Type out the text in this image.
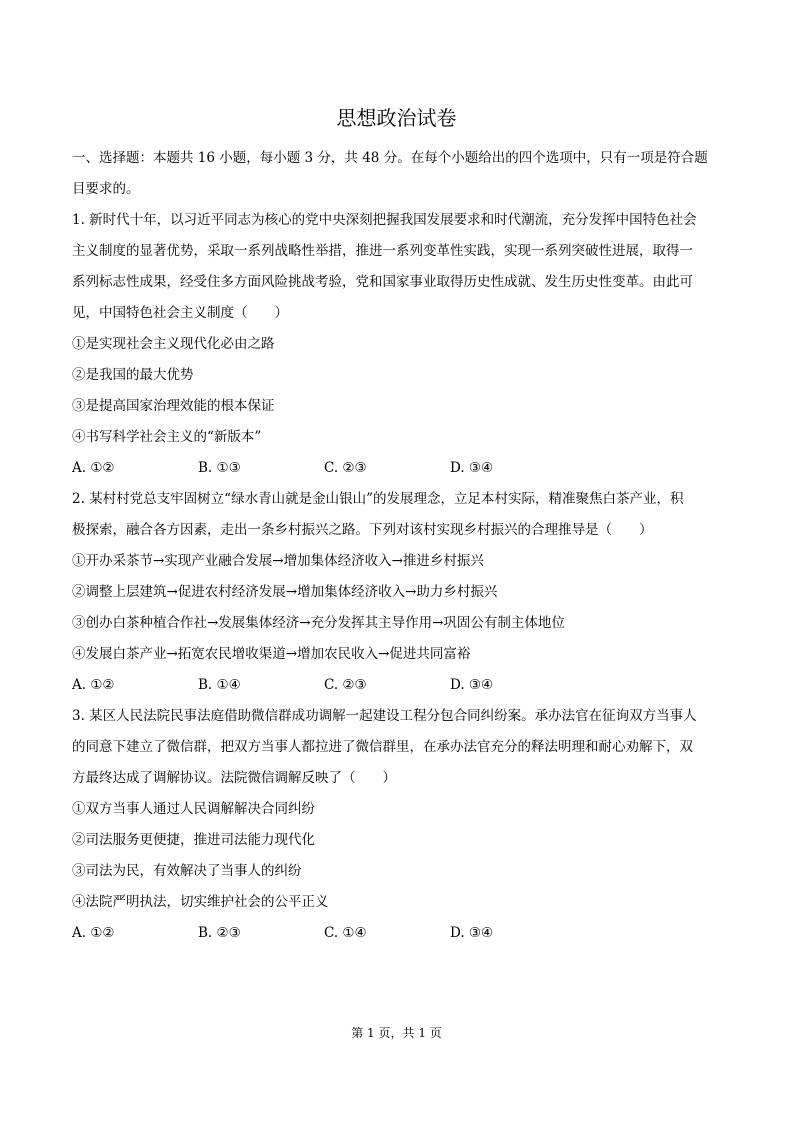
思想政治试卷

一、选择题：本题共 16 小题，每小题 3 分，共 48 分。在每个小题给出的四个选项中，只有一项是符合题

目要求的。

1. 新时代十年，以习近平同志为核心的党中央深刻把握我国发展要求和时代潮流，充分发挥中国特色社会

主义制度的显著优势，采取一系列战略性举措，推进一系列变革性实践，实现一系列突破性进展，取得一

系列标志性成果，经受住多方面风险挑战考验，党和国家事业取得历史性成就、发生历史性变革。由此可

见，中国特色社会主义制度（　　）

①是实现社会主义现代化必由之路

②是我国的最大优势

③是提高国家治理效能的根本保证

④书写科学社会主义的“新版本”

A. ①②	B. ①③	C. ②③	D. ③④

2. 某村村党总支牢固树立“绿水青山就是金山银山”的发展理念，立足本村实际，精准聚焦白茶产业，积

极探索，融合各方因素，走出一条乡村振兴之路。下列对该村实现乡村振兴的合理推导是（　　）

①开办采茶节→实现产业融合发展→增加集体经济收入→推进乡村振兴

②调整上层建筑→促进农村经济发展→增加集体经济收入→助力乡村振兴

③创办白茶种植合作社→发展集体经济→充分发挥其主导作用→巩固公有制主体地位

④发展白茶产业→拓宽农民增收渠道→增加农民收入→促进共同富裕

A. ①②	B. ①④	C. ②③	D. ③④

3. 某区人民法院民事法庭借助微信群成功调解一起建设工程分包合同纠纷案。承办法官在征询双方当事人

的同意下建立了微信群，把双方当事人都拉进了微信群里，在承办法官充分的释法明理和耐心劝解下，双

方最终达成了调解协议。法院微信调解反映了（　　）

①双方当事人通过人民调解解决合同纠纷

②司法服务更便捷，推进司法能力现代化

③司法为民，有效解决了当事人的纠纷

④法院严明执法，切实维护社会的公平正义

A. ①②	B. ②③	C. ①④	D. ③④
第 1 页，共 1 页
